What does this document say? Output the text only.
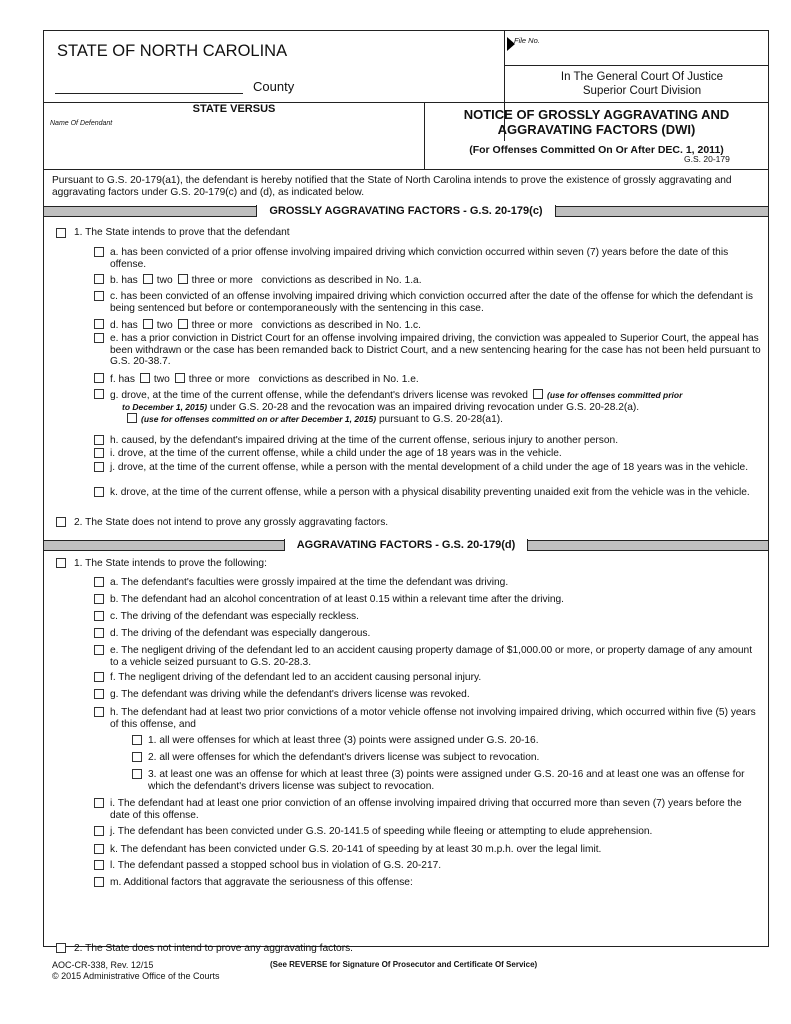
STATE OF NORTH CAROLINA
File No.
County
In The General Court Of Justice
Superior Court Division
STATE VERSUS
Name Of Defendant
NOTICE OF GROSSLY AGGRAVATING AND
AGGRAVATING FACTORS (DWI)
(For Offenses Committed On Or After DEC. 1, 2011)
G.S. 20-179
Pursuant to G.S. 20-179(a1), the defendant is hereby notified that the State of North Carolina intends to prove the existence of grossly aggravating and aggravating factors under G.S. 20-179(c) and (d), as indicated below.
GROSSLY AGGRAVATING FACTORS - G.S. 20-179(c)
1. The State intends to prove that the defendant
a. has been convicted of a prior offense involving impaired driving which conviction occurred within seven (7) years before the date of this offense.
b. has two three or more convictions as described in No. 1.a.
c. has been convicted of an offense involving impaired driving which conviction occurred after the date of the offense for which the defendant is being sentenced but before or contemporaneously with the sentencing in this case.
d. has two three or more convictions as described in No. 1.c.
e. has a prior conviction in District Court for an offense involving impaired driving, the conviction was appealed to Superior Court, the appeal has been withdrawn or the case has been remanded back to District Court, and a new sentencing hearing for the case has not been held pursuant to G.S. 20-38.7.
f. has two three or more convictions as described in No. 1.e.
g. drove, at the time of the current offense, while the defendant's drivers license was revoked (use for offenses committed prior
to December 1, 2015) under G.S. 20-28 and the revocation was an impaired driving revocation under G.S. 20-28.2(a).
(use for offenses committed on or after December 1, 2015) pursuant to G.S. 20-28(a1).
h. caused, by the defendant's impaired driving at the time of the current offense, serious injury to another person.
i. drove, at the time of the current offense, while a child under the age of 18 years was in the vehicle.
j. drove, at the time of the current offense, while a person with the mental development of a child under the age of 18 years was in the vehicle.
k. drove, at the time of the current offense, while a person with a physical disability preventing unaided exit from the vehicle was in the vehicle.
2. The State does not intend to prove any grossly aggravating factors.
AGGRAVATING FACTORS - G.S. 20-179(d)
1. The State intends to prove the following:
a. The defendant's faculties were grossly impaired at the time the defendant was driving.
b. The defendant had an alcohol concentration of at least 0.15 within a relevant time after the driving.
c. The driving of the defendant was especially reckless.
d. The driving of the defendant was especially dangerous.
e. The negligent driving of the defendant led to an accident causing property damage of $1,000.00 or more, or property damage of any amount to a vehicle seized pursuant to G.S. 20-28.3.
f. The negligent driving of the defendant led to an accident causing personal injury.
g. The defendant was driving while the defendant's drivers license was revoked.
h. The defendant had at least two prior convictions of a motor vehicle offense not involving impaired driving, which occurred within five (5) years of this offense, and
1. all were offenses for which at least three (3) points were assigned under G.S. 20-16.
2. all were offenses for which the defendant's drivers license was subject to revocation.
3. at least one was an offense for which at least three (3) points were assigned under G.S. 20-16 and at least one was an offense for which the defendant's drivers license was subject to revocation.
i. The defendant had at least one prior conviction of an offense involving impaired driving that occurred more than seven (7) years before the date of this offense.
j. The defendant has been convicted under G.S. 20-141.5 of speeding while fleeing or attempting to elude apprehension.
k. The defendant has been convicted under G.S. 20-141 of speeding by at least 30 m.p.h. over the legal limit.
l. The defendant passed a stopped school bus in violation of G.S. 20-217.
m. Additional factors that aggravate the seriousness of this offense:
2. The State does not intend to prove any aggravating factors.
AOC-CR-338, Rev. 12/15
© 2015 Administrative Office of the Courts
(See REVERSE for Signature Of Prosecutor and Certificate Of Service)
